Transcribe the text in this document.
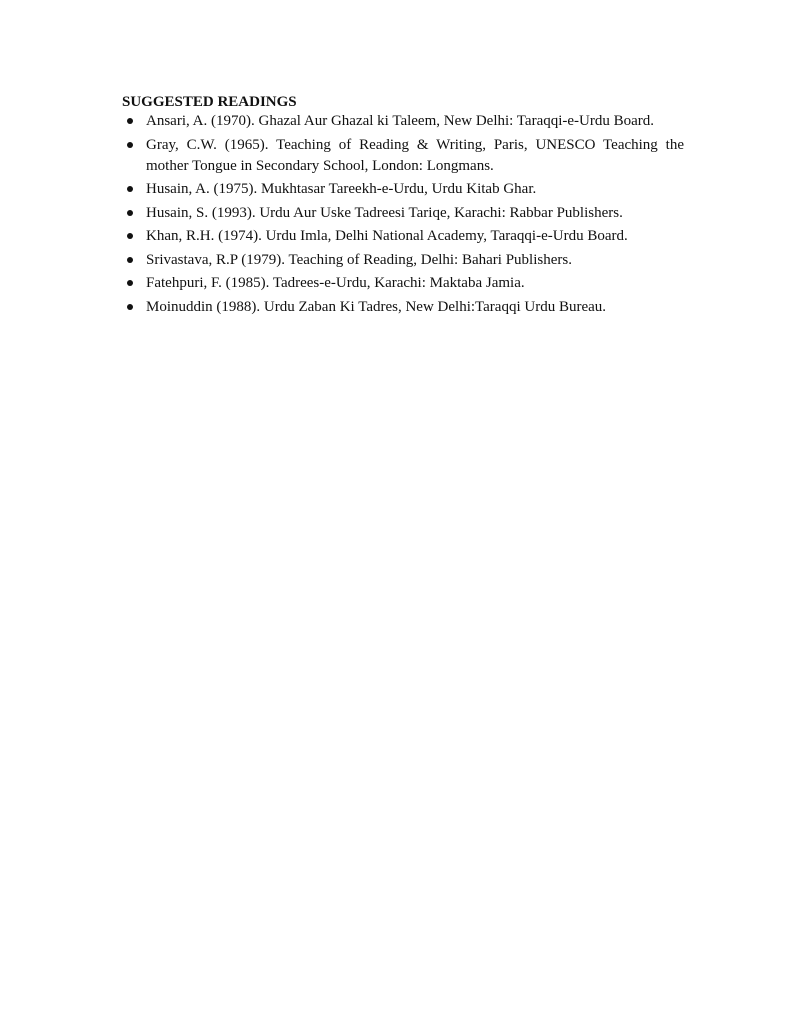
SUGGESTED READINGS
Ansari, A. (1970). Ghazal Aur Ghazal ki Taleem, New Delhi: Taraqqi-e-Urdu Board.
Gray, C.W. (1965). Teaching of Reading & Writing, Paris, UNESCO Teaching the mother Tongue in Secondary School, London: Longmans.
Husain, A. (1975). Mukhtasar Tareekh-e-Urdu, Urdu Kitab Ghar.
Husain, S. (1993). Urdu Aur Uske Tadreesi Tariqe, Karachi: Rabbar Publishers.
Khan, R.H. (1974). Urdu Imla, Delhi National Academy, Taraqqi-e-Urdu Board.
Srivastava, R.P (1979). Teaching of Reading, Delhi: Bahari Publishers.
Fatehpuri, F. (1985). Tadrees-e-Urdu, Karachi: Maktaba Jamia.
Moinuddin (1988). Urdu Zaban Ki Tadres, New Delhi:Taraqqi Urdu Bureau.
